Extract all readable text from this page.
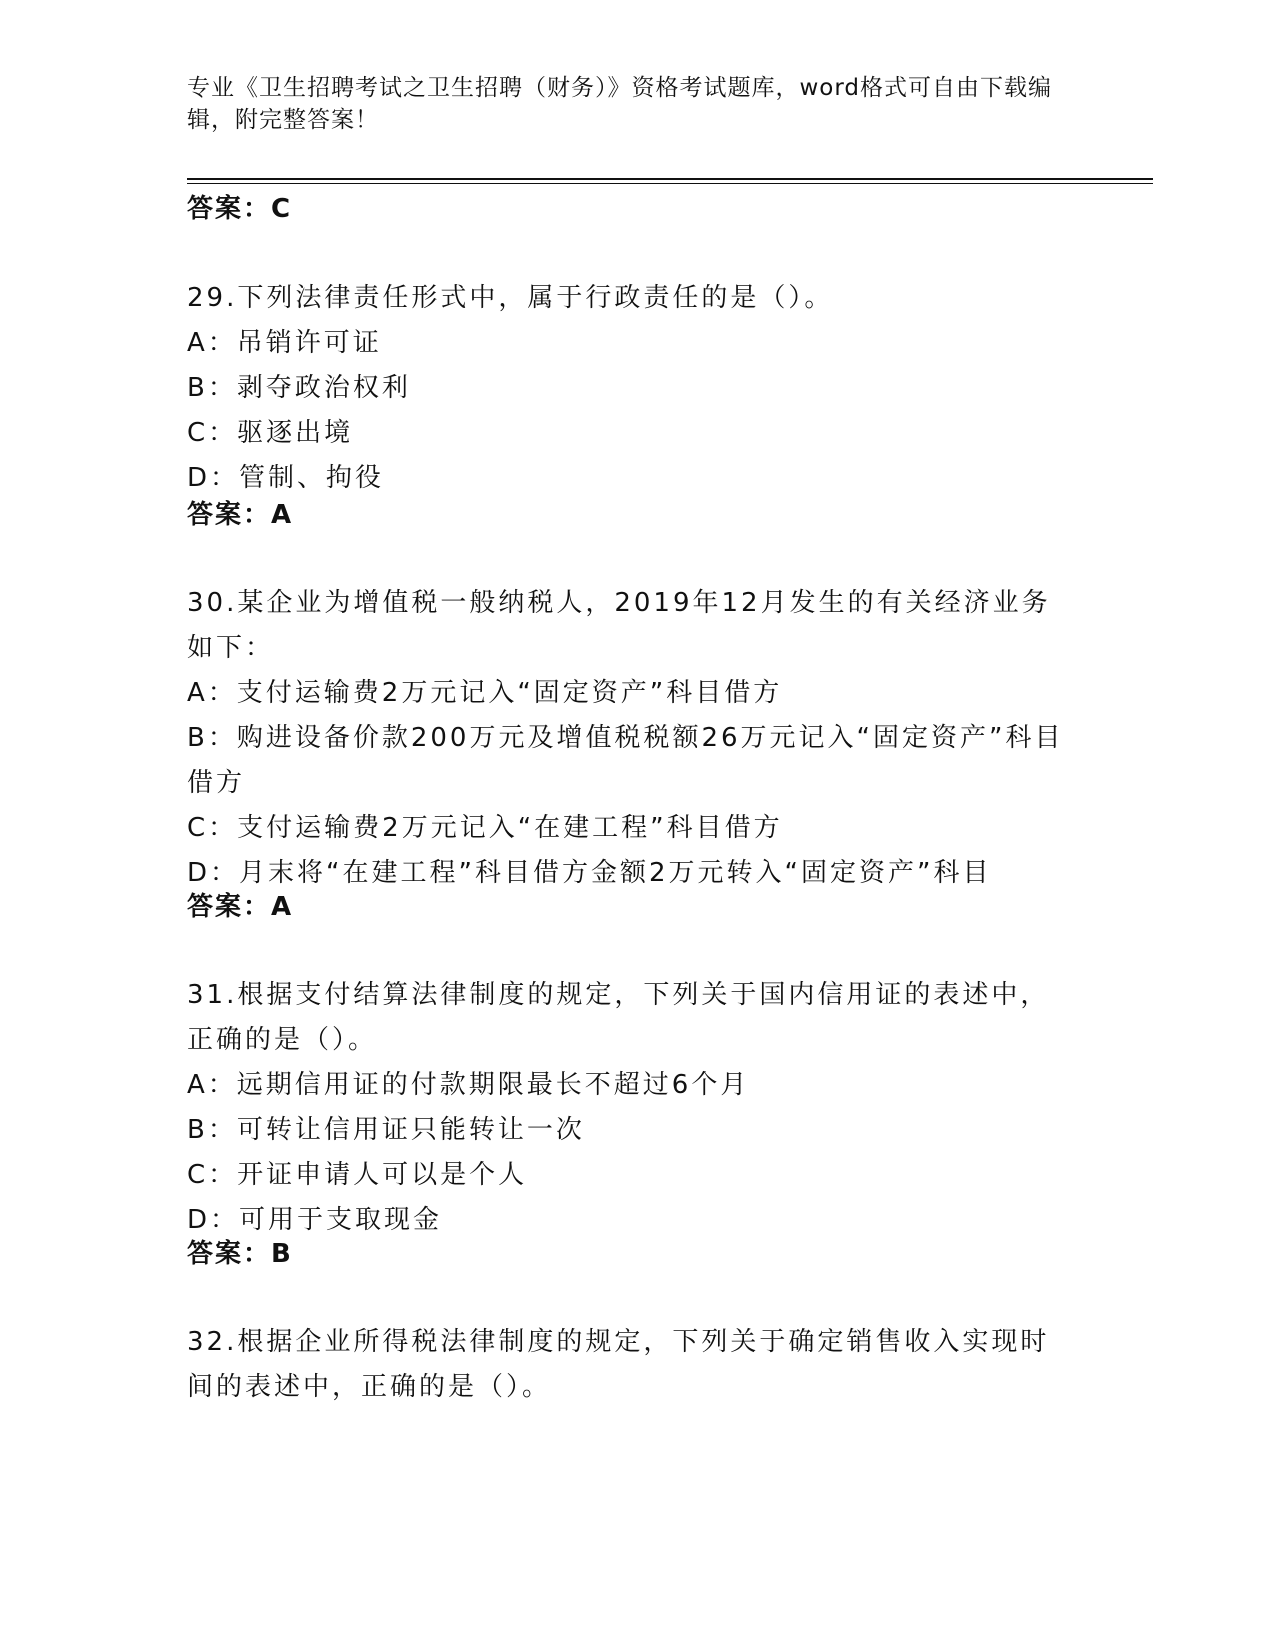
专业《卫生招聘考试之卫生招聘（财务）》资格考试题库，word格式可自由下载编辑，附完整答案！
答案：C

29.下列法律责任形式中，属于行政责任的是（）。

A：吊销许可证

B：剥夺政治权利

C：驱逐出境

D：管制、拘役

答案：A

30.某企业为增值税一般纳税人，2019年12月发生的有关经济业务如下：

A：支付运输费2万元记入“固定资产”科目借方

B：购进设备价款200万元及增值税税额26万元记入“固定资产”科目借方

C：支付运输费2万元记入“在建工程”科目借方

D：月末将“在建工程”科目借方金额2万元转入“固定资产”科目

答案：A

31.根据支付结算法律制度的规定，下列关于国内信用证的表述中，正确的是（）。

A：远期信用证的付款期限最长不超过6个月

B：可转让信用证只能转让一次

C：开证申请人可以是个人

D：可用于支取现金

答案：B

32.根据企业所得税法律制度的规定，下列关于确定销售收入实现时间的表述中，正确的是（）。
